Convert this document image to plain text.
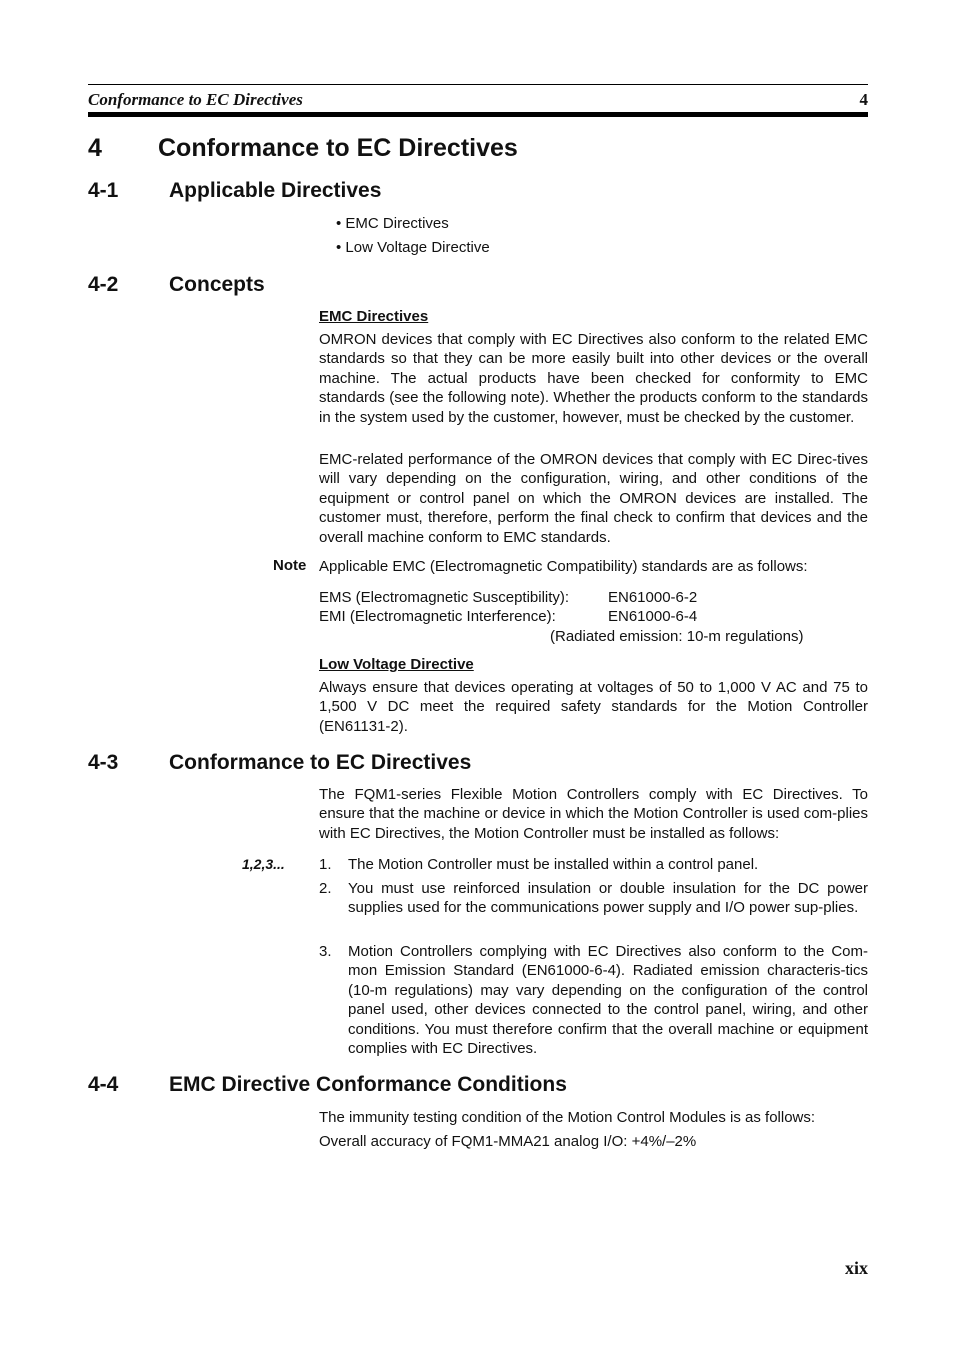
Conformance to EC Directives	4
4 Conformance to EC Directives
4-1 Applicable Directives
• EMC Directives
• Low Voltage Directive
4-2 Concepts
EMC Directives
OMRON devices that comply with EC Directives also conform to the related EMC standards so that they can be more easily built into other devices or the overall machine. The actual products have been checked for conformity to EMC standards (see the following note). Whether the products conform to the standards in the system used by the customer, however, must be checked by the customer.
EMC-related performance of the OMRON devices that comply with EC Direc-tives will vary depending on the configuration, wiring, and other conditions of the equipment or control panel on which the OMRON devices are installed. The customer must, therefore, perform the final check to confirm that devices and the overall machine conform to EMC standards.
Note Applicable EMC (Electromagnetic Compatibility) standards are as follows:
EMS (Electromagnetic Susceptibility):	EN61000-6-2
EMI (Electromagnetic Interference):	EN61000-6-4
(Radiated emission: 10-m regulations)
Low Voltage Directive
Always ensure that devices operating at voltages of 50 to 1,000 V AC and 75 to 1,500 V DC meet the required safety standards for the Motion Controller (EN61131-2).
4-3 Conformance to EC Directives
The FQM1-series Flexible Motion Controllers comply with EC Directives. To ensure that the machine or device in which the Motion Controller is used com-plies with EC Directives, the Motion Controller must be installed as follows:
1,2,3... 1. The Motion Controller must be installed within a control panel.
2. You must use reinforced insulation or double insulation for the DC power supplies used for the communications power supply and I/O power sup-plies.
3. Motion Controllers complying with EC Directives also conform to the Com-mon Emission Standard (EN61000-6-4). Radiated emission characteris-tics (10-m regulations) may vary depending on the configuration of the control panel used, other devices connected to the control panel, wiring, and other conditions. You must therefore confirm that the overall machine or equipment complies with EC Directives.
4-4 EMC Directive Conformance Conditions
The immunity testing condition of the Motion Control Modules is as follows:
Overall accuracy of FQM1-MMA21 analog I/O: +4%/–2%
xix
